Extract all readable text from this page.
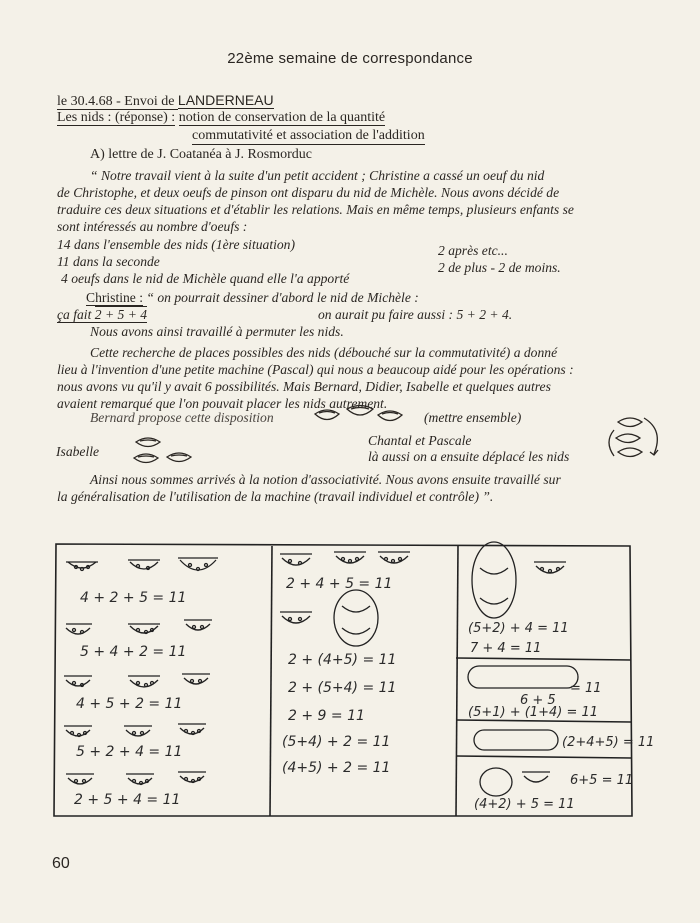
22ème semaine de correspondance
le 30.4.68 - Envoi de LANDERNEAU
Les nids : (réponse) : notion de conservation de la quantité
commutativité et association de l'addition
A) lettre de J. Coatanéa à J. Rosmorduc
“ Notre travail vient à la suite d'un petit accident ; Christine a cassé un oeuf du nid
de Christophe, et deux oeufs de pinson ont disparu du nid de Michèle. Nous avons décidé de
traduire ces deux situations et d'établir les relations. Mais en même temps, plusieurs enfants se
sont intéressés au nombre d'oeufs :
14 dans l'ensemble des nids (1ère situation)
11 dans la seconde
4 oeufs dans le nid de Michèle quand elle l'a apporté
2 après etc...
2 de plus - 2 de moins.
Christine : “ on pourrait dessiner d'abord le nid de Michèle :
ça fait 2 + 5 + 4	on aurait pu faire aussi : 5 + 2 + 4.
Nous avons ainsi travaillé à permuter les nids.
Cette recherche de places possibles des nids (débouché sur la commutativité) a donné
lieu à l'invention d'une petite machine (Pascal) qui nous a beaucoup aidé pour les opérations :
nous avons vu qu'il y avait 6 possibilités. Mais Bernard, Didier, Isabelle et quelques autres
avaient remarqué que l'on pouvait placer les nids autrement.
Bernard propose cette disposition	(mettre ensemble)
Isabelle
Chantal et Pascale
là aussi on a ensuite déplacé les nids
Ainsi nous sommes arrivés à la notion d'associativité. Nous avons ensuite travaillé sur
la généralisation de l'utilisation de la machine (travail individuel et contrôle) ”.
4 + 2 + 5 = 11
5 + 4 + 2 = 11
4 + 5 + 2 = 11
5 + 2 + 4 = 11
2 + 5 + 4 = 11
2 + 4 + 5 = 11
2 + (4+5) = 11
2 + (5+4) = 11
2 + 9 = 11
(5+4) + 2 = 11
(4+5) + 2 = 11
(5+2) + 4 = 11
7 + 4 = 11
6 + 5
= 11
(5+1) + (1+4) = 11
(2+4+5) = 11
6+5 = 11
(4+2) + 5 = 11
60
